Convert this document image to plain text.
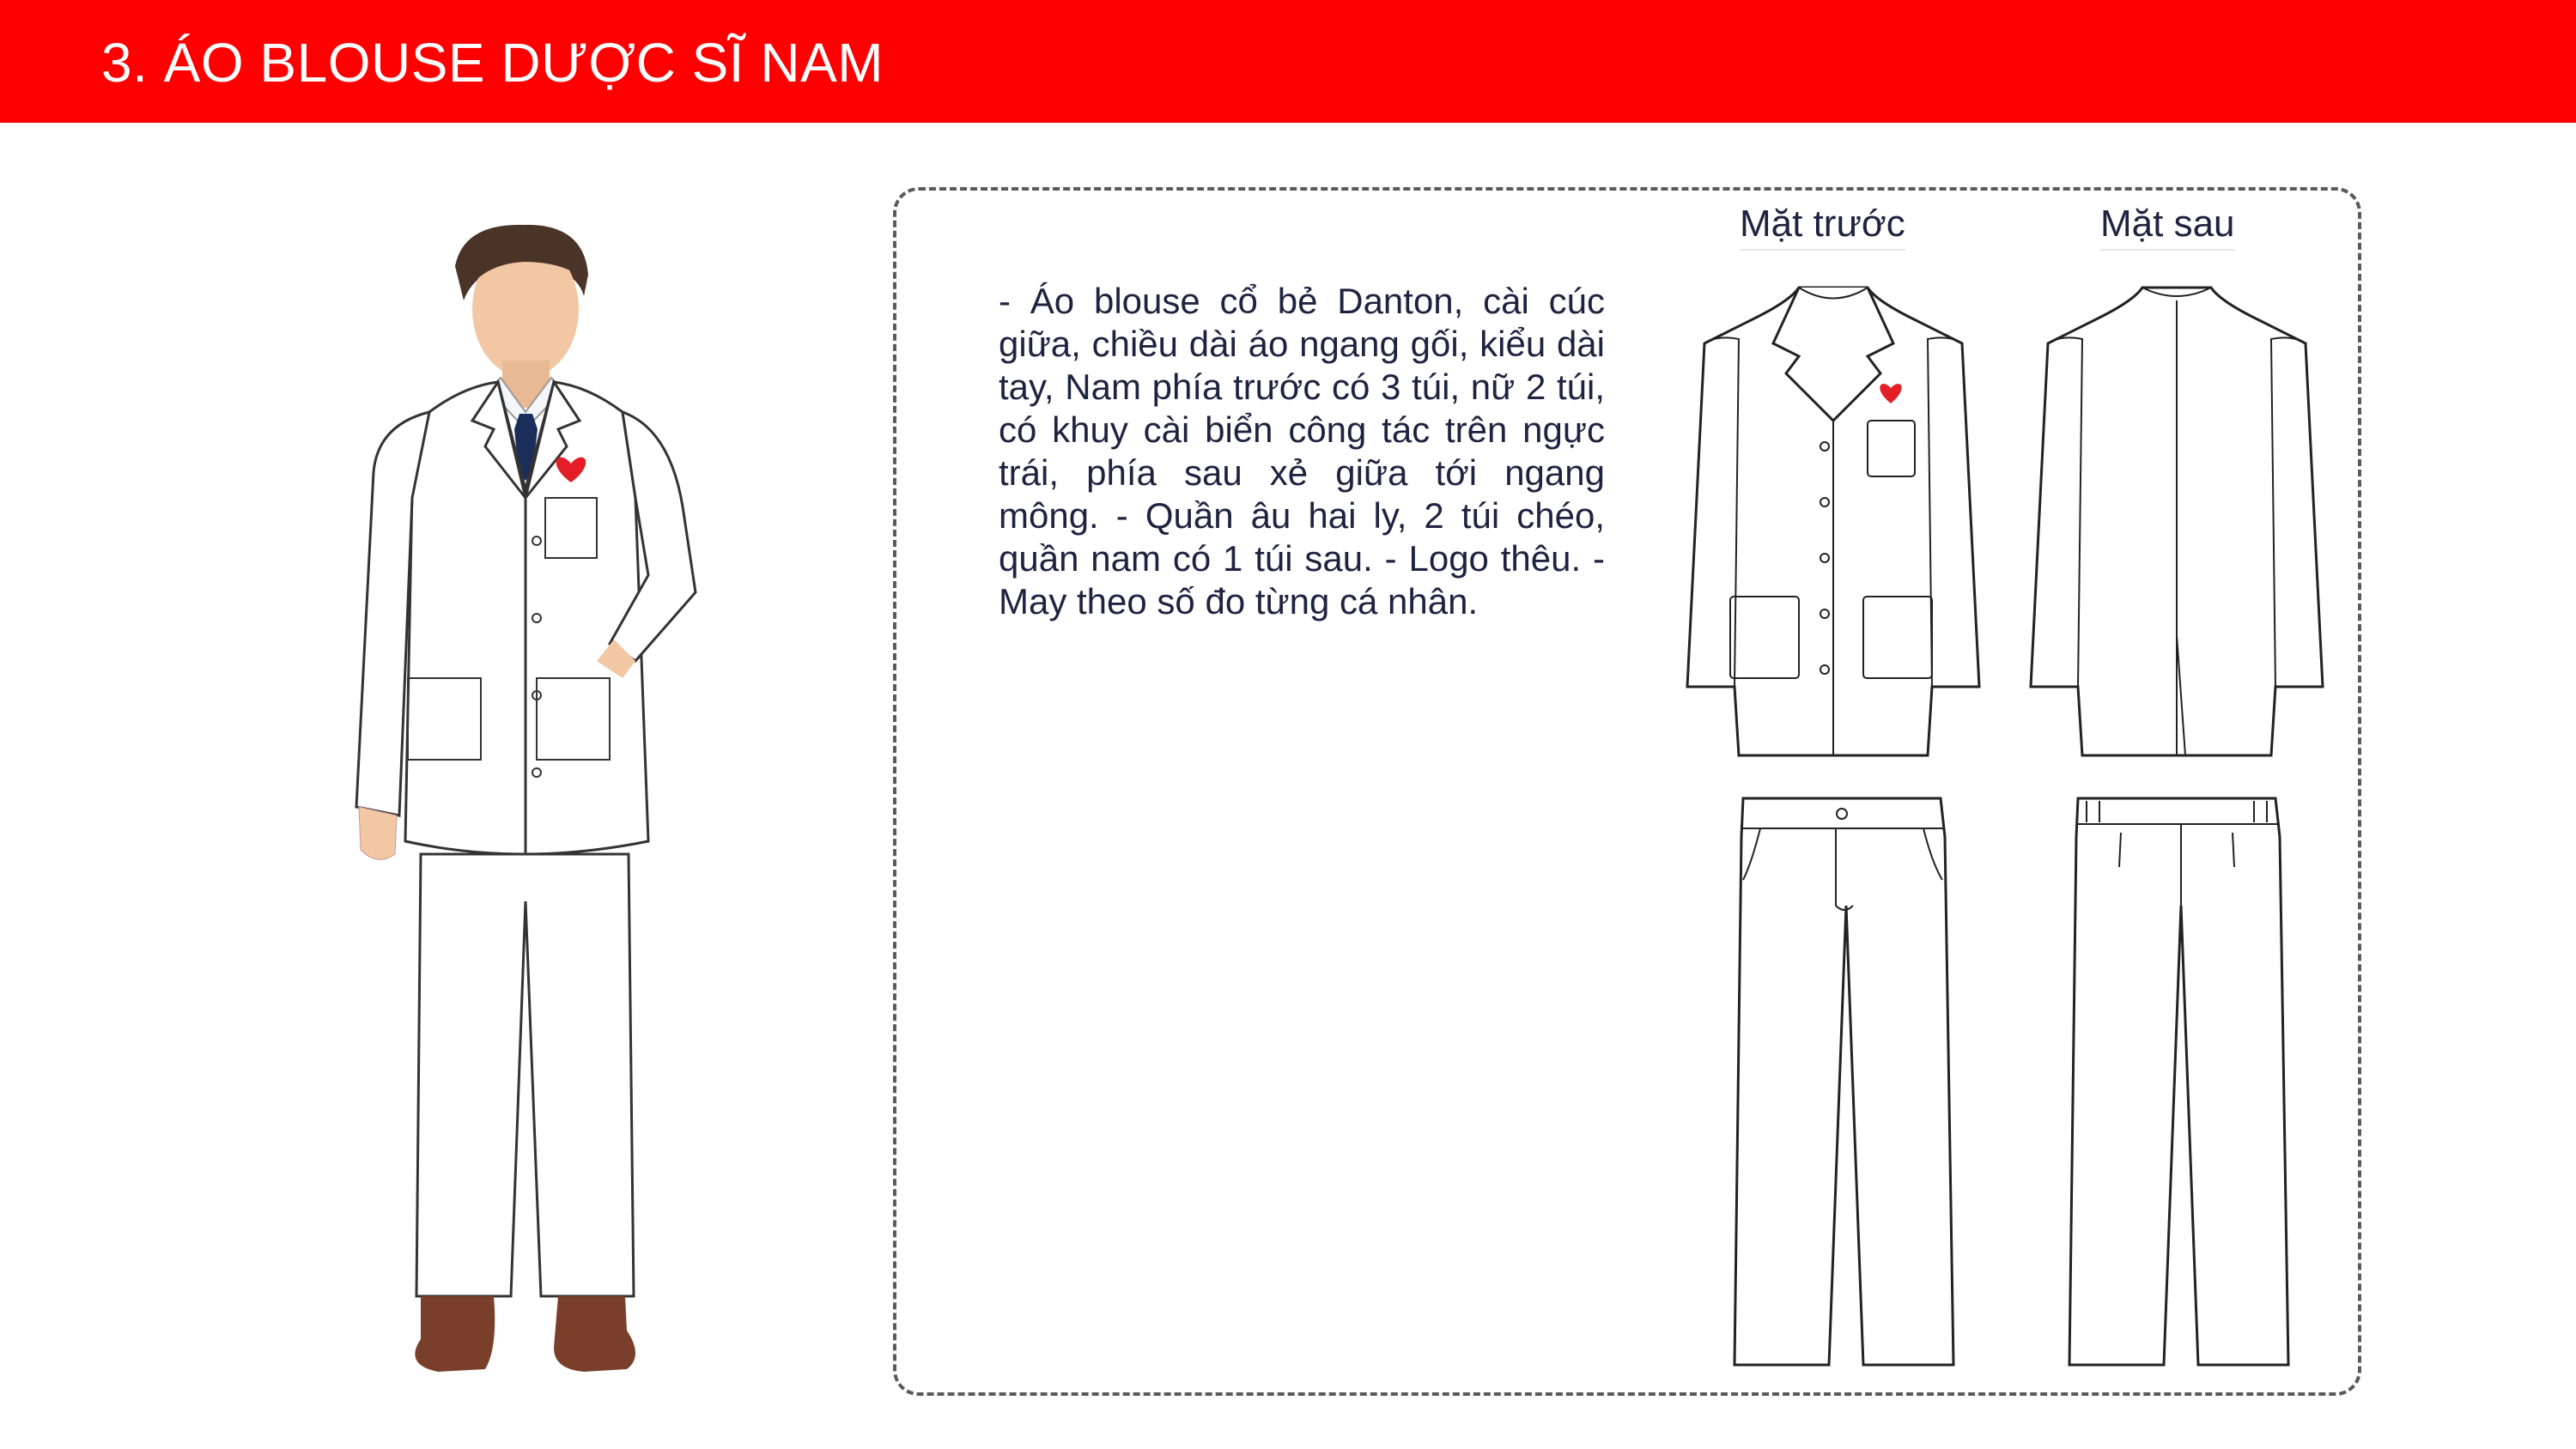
3. ÁO BLOUSE DƯỢC SĨ NAM

- Áo blouse cổ bẻ Danton, cài cúc giữa, chiều dài áo ngang gối, kiểu dài tay, Nam phía trước có 3 túi, nữ 2 túi, có khuy cài biển công tác trên ngực trái, phía sau xẻ giữa tới ngang mông. - Quần âu hai ly, 2 túi chéo, quần nam có 1 túi sau. - Logo thêu. - May theo số đo từng cá nhân.

Mặt trước	Mặt sau
